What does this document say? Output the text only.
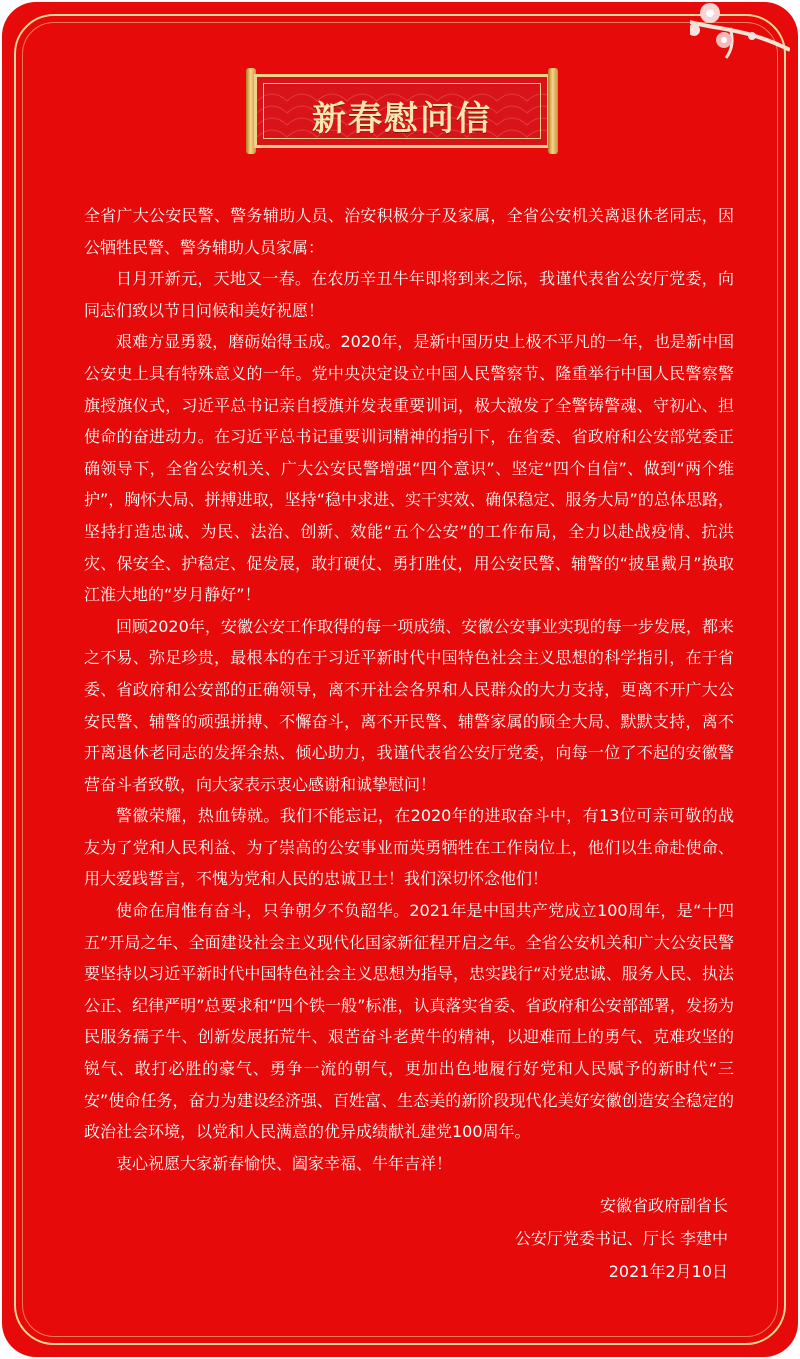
新春慰问信

全省广大公安民警、警务辅助人员、治安积极分子及家属，全省公安机关离退休老同志，因公牺牲民警、警务辅助人员家属：

日月开新元，天地又一春。在农历辛丑牛年即将到来之际，我谨代表省公安厅党委，向同志们致以节日问候和美好祝愿！

艰难方显勇毅，磨砺始得玉成。2020年，是新中国历史上极不平凡的一年，也是新中国公安史上具有特殊意义的一年。党中央决定设立中国人民警察节、隆重举行中国人民警察警旗授旗仪式，习近平总书记亲自授旗并发表重要训词，极大激发了全警铸警魂、守初心、担使命的奋进动力。在习近平总书记重要训词精神的指引下，在省委、省政府和公安部党委正确领导下，全省公安机关、广大公安民警增强“四个意识”、坚定“四个自信”、做到“两个维护”，胸怀大局、拼搏进取，坚持“稳中求进、实干实效、确保稳定、服务大局”的总体思路，坚持打造忠诚、为民、法治、创新、效能“五个公安”的工作布局，全力以赴战疫情、抗洪灾、保安全、护稳定、促发展，敢打硬仗、勇打胜仗，用公安民警、辅警的“披星戴月”换取江淮大地的“岁月静好”！

回顾2020年，安徽公安工作取得的每一项成绩、安徽公安事业实现的每一步发展，都来之不易、弥足珍贵，最根本的在于习近平新时代中国特色社会主义思想的科学指引，在于省委、省政府和公安部的正确领导，离不开社会各界和人民群众的大力支持，更离不开广大公安民警、辅警的顽强拼搏、不懈奋斗，离不开民警、辅警家属的顾全大局、默默支持，离不开离退休老同志的发挥余热、倾心助力，我谨代表省公安厅党委，向每一位了不起的安徽警营奋斗者致敬，向大家表示衷心感谢和诚挚慰问！

警徽荣耀，热血铸就。我们不能忘记，在2020年的进取奋斗中，有13位可亲可敬的战友为了党和人民利益、为了崇高的公安事业而英勇牺牲在工作岗位上，他们以生命赴使命、用大爱践誓言，不愧为党和人民的忠诚卫士！我们深切怀念他们！

使命在肩惟有奋斗，只争朝夕不负韶华。2021年是中国共产党成立100周年，是“十四五”开局之年、全面建设社会主义现代化国家新征程开启之年。全省公安机关和广大公安民警要坚持以习近平新时代中国特色社会主义思想为指导，忠实践行“对党忠诚、服务人民、执法公正、纪律严明”总要求和“四个铁一般”标准，认真落实省委、省政府和公安部部署，发扬为民服务孺子牛、创新发展拓荒牛、艰苦奋斗老黄牛的精神，以迎难而上的勇气、克难攻坚的锐气、敢打必胜的豪气、勇争一流的朝气，更加出色地履行好党和人民赋予的新时代“三安”使命任务，奋力为建设经济强、百姓富、生态美的新阶段现代化美好安徽创造安全稳定的政治社会环境，以党和人民满意的优异成绩献礼建党100周年。

衷心祝愿大家新春愉快、阖家幸福、牛年吉祥！

安徽省政府副省长
公安厅党委书记、厅长 李建中
2021年2月10日
